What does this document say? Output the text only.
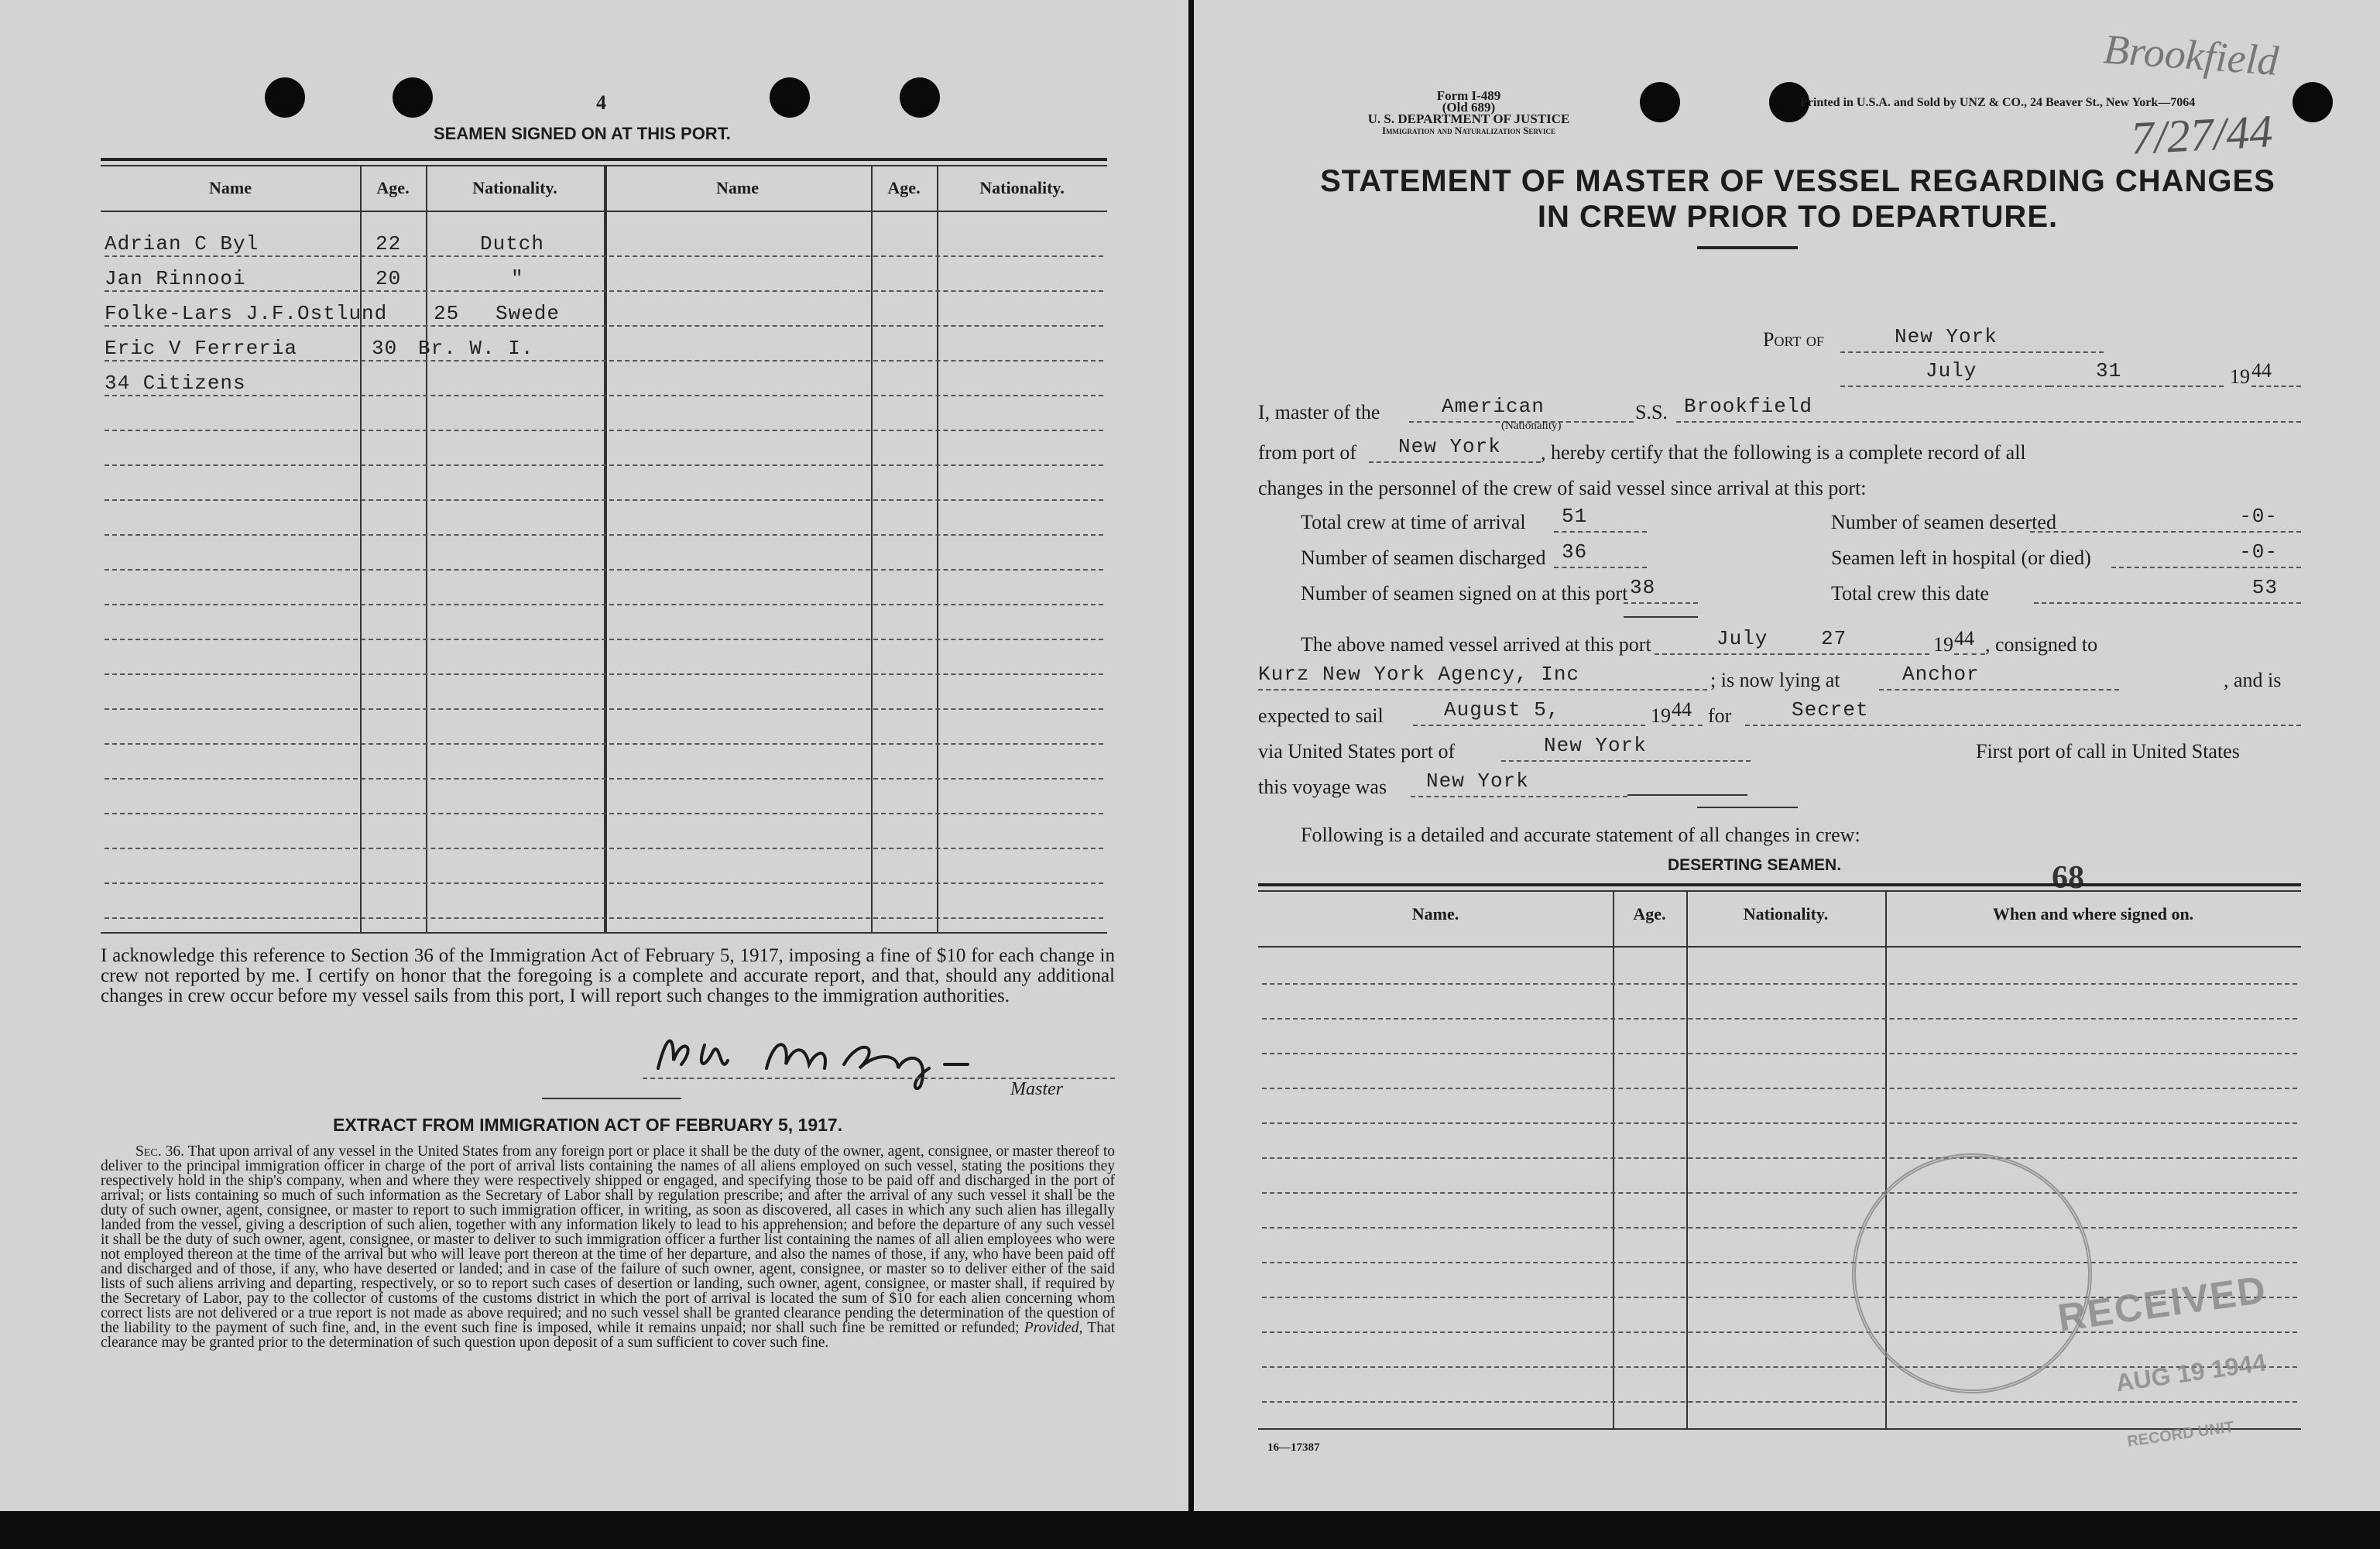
4
SEAMEN SIGNED ON AT THIS PORT.
Name	Age.	Nationality.	Name	Age.	Nationality.
Adrian C Byl	22	Dutch
Jan Rinnooi	20	"
Folke-Lars J.F.Ostlund 25 Swede
Eric V Ferreria	30 Br. W. I.
34 Citizens
I acknowledge this reference to Section 36 of the Immigration Act of February 5, 1917, imposing a fine of $10 for each change in crew not reported by me. I certify on honor that the foregoing is a complete and accurate report, and that, should any additional changes in crew occur before my vessel sails from this port, I will report such changes to the immigration authorities.
Master
EXTRACT FROM IMMIGRATION ACT OF FEBRUARY 5, 1917.
Sec. 36. That upon arrival of any vessel in the United States from any foreign port or place it shall be the duty of the owner, agent, consignee, or master thereof to deliver to the principal immigration officer in charge of the port of arrival lists containing the names of all aliens employed on such vessel, stating the positions they respectively hold in the ship's company, when and where they were respectively shipped or engaged, and specifying those to be paid off and discharged in the port of arrival; or lists containing so much of such information as the Secretary of Labor shall by regulation prescribe; and after the arrival of any such vessel it shall be the duty of such owner, agent, consignee, or master to report to such immigration officer, in writing, as soon as discovered, all cases in which any such alien has illegally landed from the vessel, giving a description of such alien, together with any information likely to lead to his apprehension; and before the departure of any such vessel it shall be the duty of such owner, agent, consignee, or master to deliver to such immigration officer a further list containing the names of all alien employees who were not employed thereon at the time of the arrival but who will leave port thereon at the time of her departure, and also the names of those, if any, who have been paid off and discharged and of those, if any, who have deserted or landed; and in case of the failure of such owner, agent, consignee, or master so to deliver either of the said lists of such aliens arriving and departing, respectively, or so to report such cases of desertion or landing, such owner, agent, consignee, or master shall, if required by the Secretary of Labor, pay to the collector of customs of the customs district in which the port of arrival is located the sum of $10 for each alien concerning whom correct lists are not delivered or a true report is not made as above required; and no such vessel shall be granted clearance pending the determination of the question of the liability to the payment of such fine, and, in the event such fine is imposed, while it remains unpaid; nor shall such fine be remitted or refunded; Provided, That clearance may be granted prior to the determination of such question upon deposit of a sum sufficient to cover such fine.
Form I-489
(Old 689)
U. S. DEPARTMENT OF JUSTICE
Immigration and Naturalization Service
Printed in U.S.A. and Sold by UNZ & CO., 24 Beaver St., New York—7064
Brookfield
7/27/44
STATEMENT OF MASTER OF VESSEL REGARDING CHANGES
IN CREW PRIOR TO DEPARTURE.
Port of	New York
July	31	19 44
I, master of the	American
(Nationality)
S.S. Brookfield
from port of New York , hereby certify that the following is a complete record of all
changes in the personnel of the crew of said vessel since arrival at this port:
Total crew at time of arrival 51
Number of seamen discharged 36
Number of seamen signed on at this port 38
Number of seamen deserted	-0-
Seamen left in hospital (or died)	-0-
Total crew this date	53
The above named vessel arrived at this port	July	27	19 44 , consigned to
Kurz New York Agency, Inc	; is now lying at	Anchor	, and is
expected to sail	August 5,	19 44 for	Secret
via United States port of	New York	First port of call in United States
this voyage was New York
Following is a detailed and accurate statement of all changes in crew:
DESERTING SEAMEN.	68
Name.	Age.	Nationality.	When and where signed on.
RECEIVED
AUG 19 1944
RECORD UNIT
16—17387
